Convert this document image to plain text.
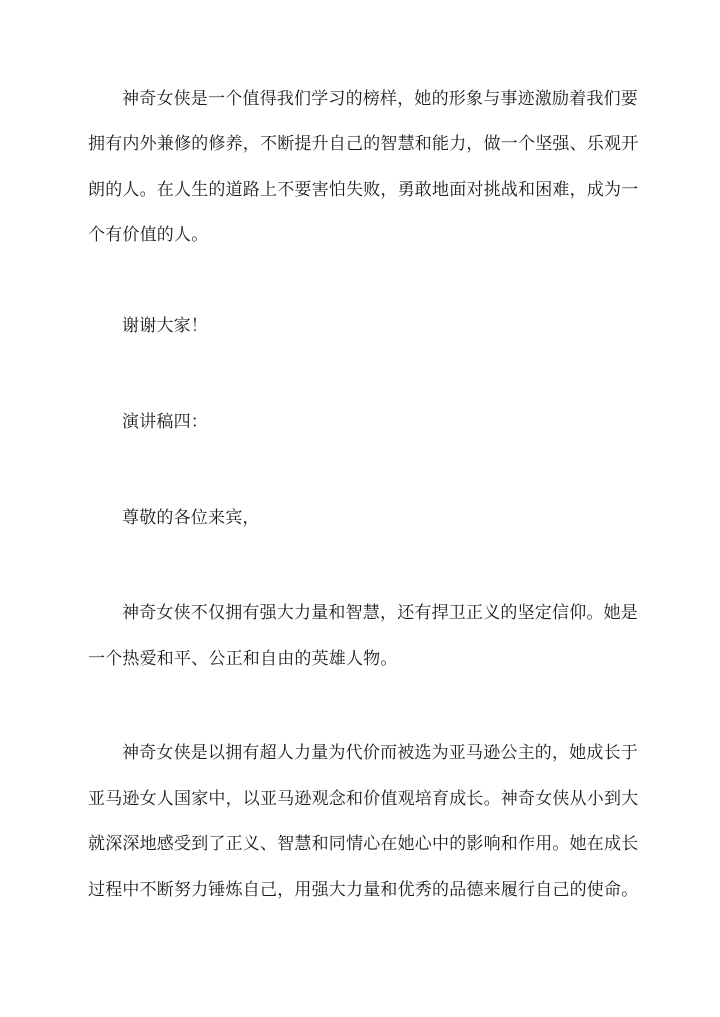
神奇女侠是一个值得我们学习的榜样，她的形象与事迹激励着我们要
拥有内外兼修的修养，不断提升自己的智慧和能力，做一个坚强、乐观开
朗的人。在人生的道路上不要害怕失败，勇敢地面对挑战和困难，成为一
个有价值的人。
谢谢大家！
演讲稿四：
尊敬的各位来宾，
神奇女侠不仅拥有强大力量和智慧，还有捍卫正义的坚定信仰。她是
一个热爱和平、公正和自由的英雄人物。
神奇女侠是以拥有超人力量为代价而被选为亚马逊公主的，她成长于
亚马逊女人国家中，以亚马逊观念和价值观培育成长。神奇女侠从小到大
就深深地感受到了正义、智慧和同情心在她心中的影响和作用。她在成长
过程中不断努力锤炼自己，用强大力量和优秀的品德来履行自己的使命。
